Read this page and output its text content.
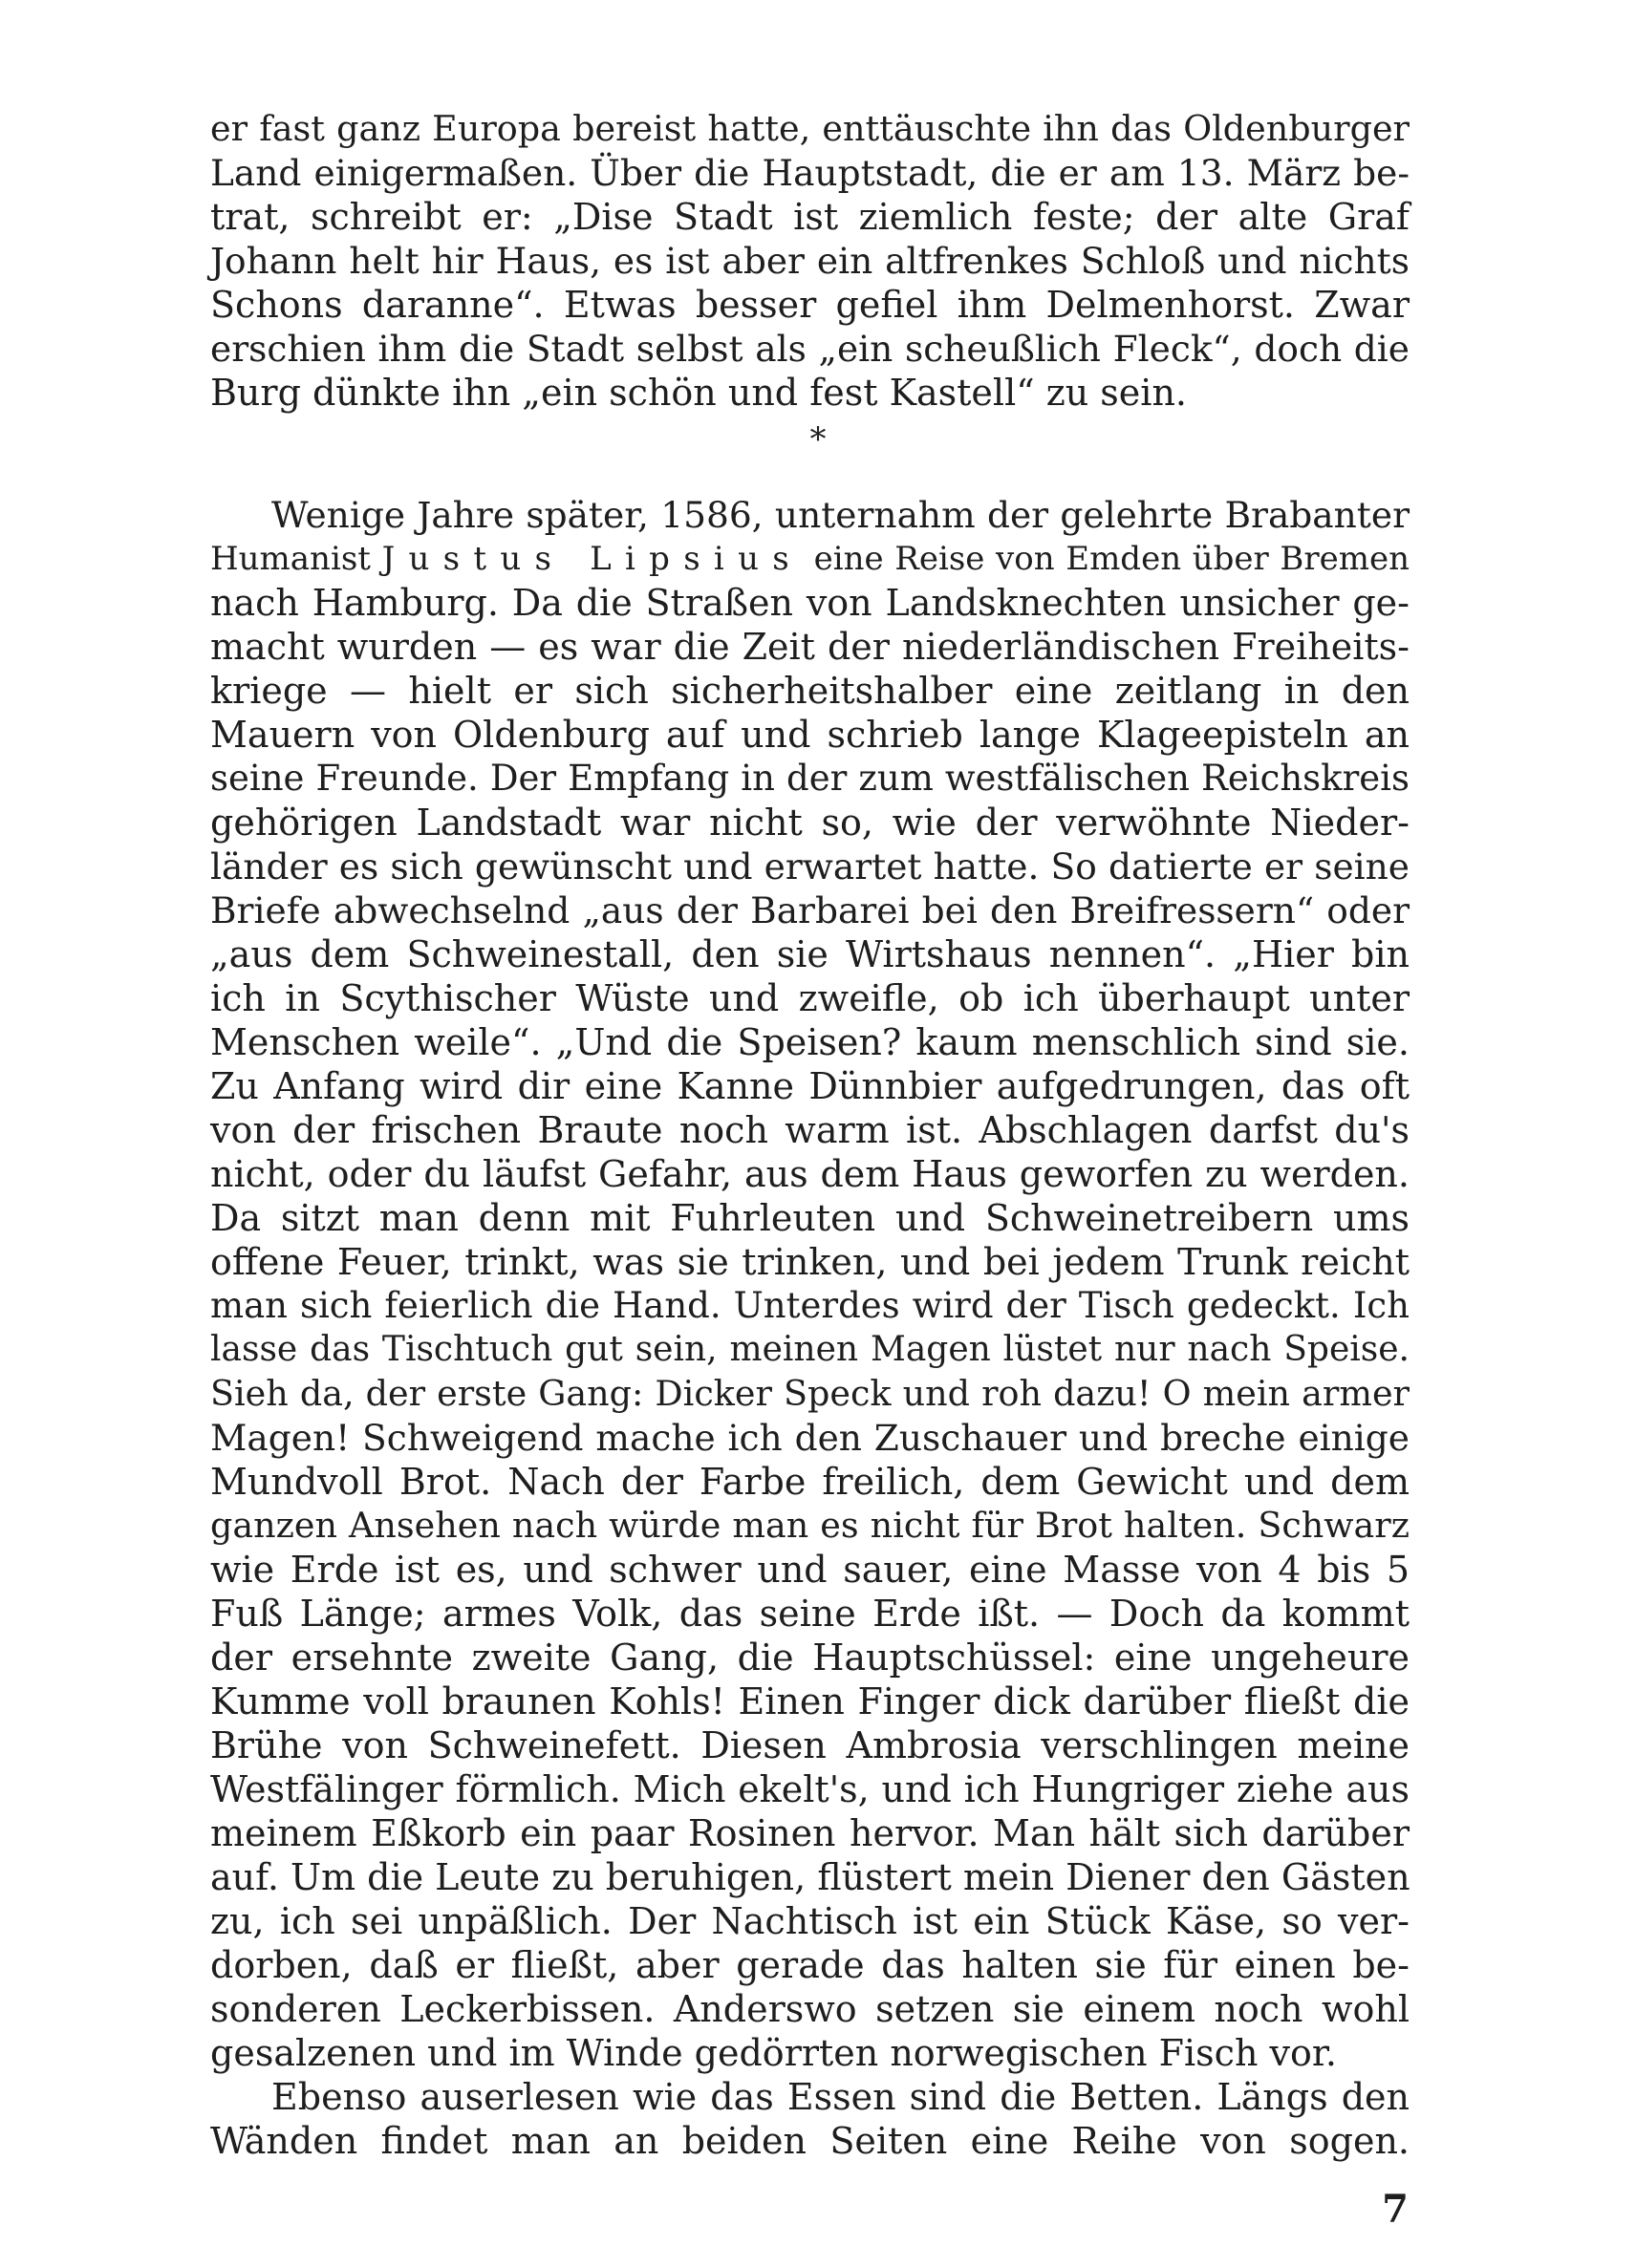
er fast ganz Europa bereist hatte, enttäuschte ihn das Oldenburger
Land einigermaßen. Über die Hauptstadt, die er am 13. März be-
trat, schreibt er: „Dise Stadt ist ziemlich feste; der alte Graf
Johann helt hir Haus, es ist aber ein altfrenkes Schloß und nichts
Schons daranne“. Etwas besser gefiel ihm Delmenhorst. Zwar
erschien ihm die Stadt selbst als „ein scheußlich Fleck“, doch die
Burg dünkte ihn „ein schön und fest Kastell“ zu sein.
*
Wenige Jahre später, 1586, unternahm der gelehrte Brabanter
Humanist Justus Lipsius eine Reise von Emden über Bremen
nach Hamburg. Da die Straßen von Landsknechten unsicher ge-
macht wurden — es war die Zeit der niederländischen Freiheits-
kriege — hielt er sich sicherheitshalber eine zeitlang in den
Mauern von Oldenburg auf und schrieb lange Klageepisteln an
seine Freunde. Der Empfang in der zum westfälischen Reichskreis
gehörigen Landstadt war nicht so, wie der verwöhnte Nieder-
länder es sich gewünscht und erwartet hatte. So datierte er seine
Briefe abwechselnd „aus der Barbarei bei den Breifressern“ oder
„aus dem Schweinestall, den sie Wirtshaus nennen“. „Hier bin
ich in Scythischer Wüste und zweifle, ob ich überhaupt unter
Menschen weile“. „Und die Speisen? kaum menschlich sind sie.
Zu Anfang wird dir eine Kanne Dünnbier aufgedrungen, das oft
von der frischen Braute noch warm ist. Abschlagen darfst du's
nicht, oder du läufst Gefahr, aus dem Haus geworfen zu werden.
Da sitzt man denn mit Fuhrleuten und Schweinetreibern ums
offene Feuer, trinkt, was sie trinken, und bei jedem Trunk reicht
man sich feierlich die Hand. Unterdes wird der Tisch gedeckt. Ich
lasse das Tischtuch gut sein, meinen Magen lüstet nur nach Speise.
Sieh da, der erste Gang: Dicker Speck und roh dazu! O mein armer
Magen! Schweigend mache ich den Zuschauer und breche einige
Mundvoll Brot. Nach der Farbe freilich, dem Gewicht und dem
ganzen Ansehen nach würde man es nicht für Brot halten. Schwarz
wie Erde ist es, und schwer und sauer, eine Masse von 4 bis 5
Fuß Länge; armes Volk, das seine Erde ißt. — Doch da kommt
der ersehnte zweite Gang, die Hauptschüssel: eine ungeheure
Kumme voll braunen Kohls! Einen Finger dick darüber fließt die
Brühe von Schweinefett. Diesen Ambrosia verschlingen meine
Westfälinger förmlich. Mich ekelt's, und ich Hungriger ziehe aus
meinem Eßkorb ein paar Rosinen hervor. Man hält sich darüber
auf. Um die Leute zu beruhigen, flüstert mein Diener den Gästen
zu, ich sei unpäßlich. Der Nachtisch ist ein Stück Käse, so ver-
dorben, daß er fließt, aber gerade das halten sie für einen be-
sonderen Leckerbissen. Anderswo setzen sie einem noch wohl
gesalzenen und im Winde gedörrten norwegischen Fisch vor.
Ebenso auserlesen wie das Essen sind die Betten. Längs den
Wänden findet man an beiden Seiten eine Reihe von sogen.
7
